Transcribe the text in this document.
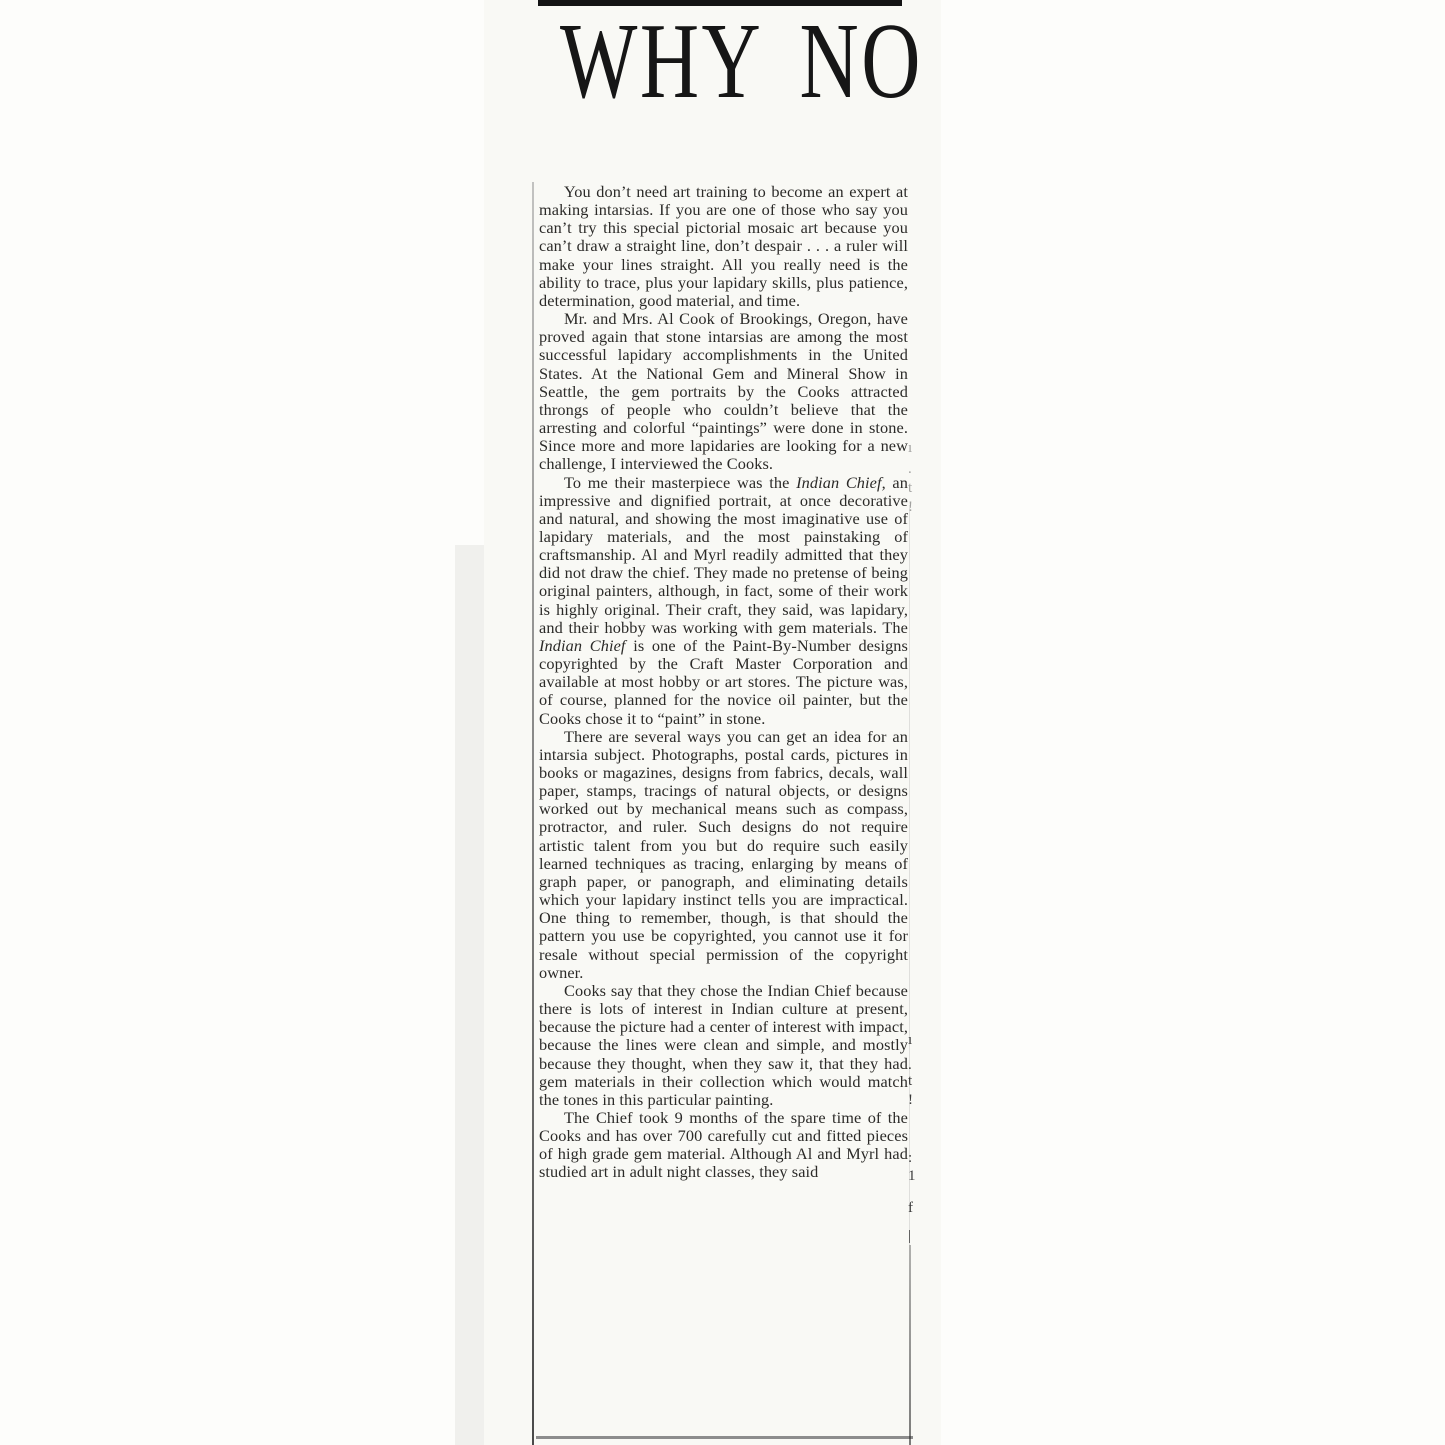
WHY NO

You don’t need art training to become an expert at making intarsias. If you are one of those who say you can’t try this special pictorial mosaic art because you can’t draw a straight line, don’t despair . . . a ruler will make your lines straight. All you really need is the ability to trace, plus your lapidary skills, plus patience, determination, good material, and time.

Mr. and Mrs. Al Cook of Brookings, Oregon, have proved again that stone intarsias are among the most successful lapidary accomplishments in the United States. At the National Gem and Mineral Show in Seattle, the gem portraits by the Cooks attracted throngs of people who couldn’t believe that the arresting and colorful “paintings” were done in stone. Since more and more lapidaries are looking for a new challenge, I interviewed the Cooks.

To me their masterpiece was the Indian Chief, an impressive and dignified portrait, at once decorative and natural, and showing the most imaginative use of lapidary materials, and the most painstaking of craftsmanship. Al and Myrl readily admitted that they did not draw the chief. They made no pretense of being original painters, although, in fact, some of their work is highly original. Their craft, they said, was lapidary, and their hobby was working with gem materials. The Indian Chief is one of the Paint-By-Number designs copyrighted by the Craft Master Corporation and available at most hobby or art stores. The picture was, of course, planned for the novice oil painter, but the Cooks chose it to “paint” in stone.

There are several ways you can get an idea for an intarsia subject. Photographs, postal cards, pictures in books or magazines, designs from fabrics, decals, wall paper, stamps, tracings of natural objects, or designs worked out by mechanical means such as compass, protractor, and ruler. Such designs do not require artistic talent from you but do require such easily learned techniques as tracing, enlarging by means of graph paper, or panograph, and eliminating details which your lapidary instinct tells you are impractical. One thing to remember, though, is that should the pattern you use be copyrighted, you cannot use it for resale without special permission of the copyright owner.

Cooks say that they chose the Indian Chief because there is lots of interest in Indian culture at present, because the picture had a center of interest with impact, because the lines were clean and simple, and mostly because they thought, when they saw it, that they had gem materials in their collection which would match the tones in this particular painting.

The Chief took 9 months of the spare time of the Cooks and has over 700 carefully cut and fitted pieces of high grade gem material. Although Al and Myrl had studied art in adult night classes, they said

ı
.
t
!
ı
.
t
!
:
1
f
|
